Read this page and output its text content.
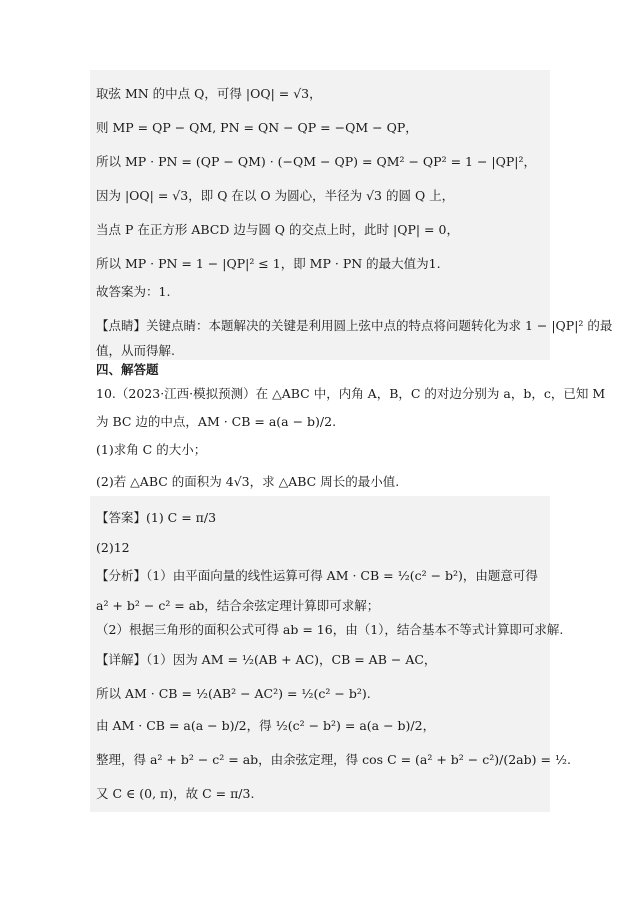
取弦 MN 的中点 Q，可得 |OQ| = √3，
则 MP = QP − QM, PN = QN − QP = −QM − QP，
所以 MP · PN = (QP − QM) · (−QM − QP) = QM² − QP² = 1 − |QP|²，
因为 |OQ| = √3，即 Q 在以 O 为圆心，半径为 √3 的圆 Q 上，
当点 P 在正方形 ABCD 边与圆 Q 的交点上时，此时 |QP| = 0，
所以 MP · PN = 1 − |QP|² ≤ 1，即 MP · PN 的最大值为1.
故答案为：1.
【点睛】关键点睛：本题解决的关键是利用圆上弦中点的特点将问题转化为求 1 − |QP|² 的最
值，从而得解.
四、解答题
10.（2023·江西·模拟预测）在 △ABC 中，内角 A，B，C 的对边分别为 a，b，c，已知 M
为 BC 边的中点，AM · CB = a(a − b)/2.
(1)求角 C 的大小；
(2)若 △ABC 的面积为 4√3，求 △ABC 周长的最小值.
【答案】(1) C = π/3
(2)12
【分析】（1）由平面向量的线性运算可得 AM · CB = ½(c² − b²)，由题意可得
a² + b² − c² = ab，结合余弦定理计算即可求解；
（2）根据三角形的面积公式可得 ab = 16，由（1），结合基本不等式计算即可求解.
【详解】（1）因为 AM = ½(AB + AC)，CB = AB − AC，
所以 AM · CB = ½(AB² − AC²) = ½(c² − b²).
由 AM · CB = a(a − b)/2，得 ½(c² − b²) = a(a − b)/2，
整理，得 a² + b² − c² = ab，由余弦定理，得 cos C = (a² + b² − c²)/(2ab) = ½.
又 C ∈ (0, π)，故 C = π/3.
